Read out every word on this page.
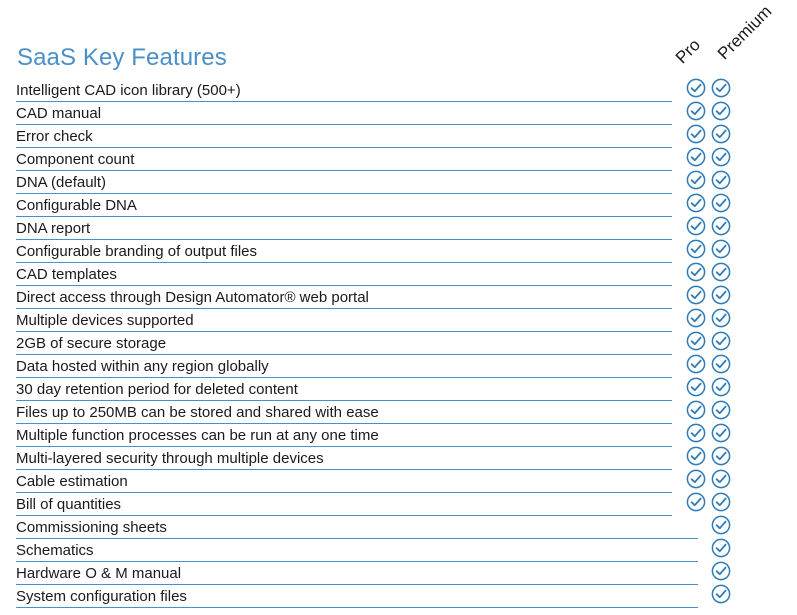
SaaS Key Features	Pro Premium
Intelligent CAD icon library (500+)
CAD manual
Error check
Component count
DNA (default)
Configurable DNA
DNA report
Configurable branding of output files
CAD templates
Direct access through Design Automator® web portal
Multiple devices supported
2GB of secure storage
Data hosted within any region globally
30 day retention period for deleted content
Files up to 250MB can be stored and shared with ease
Multiple function processes can be run at any one time
Multi-layered security through multiple devices
Cable estimation
Bill of quantities
Commissioning sheets
Schematics
Hardware O & M manual
System configuration files
